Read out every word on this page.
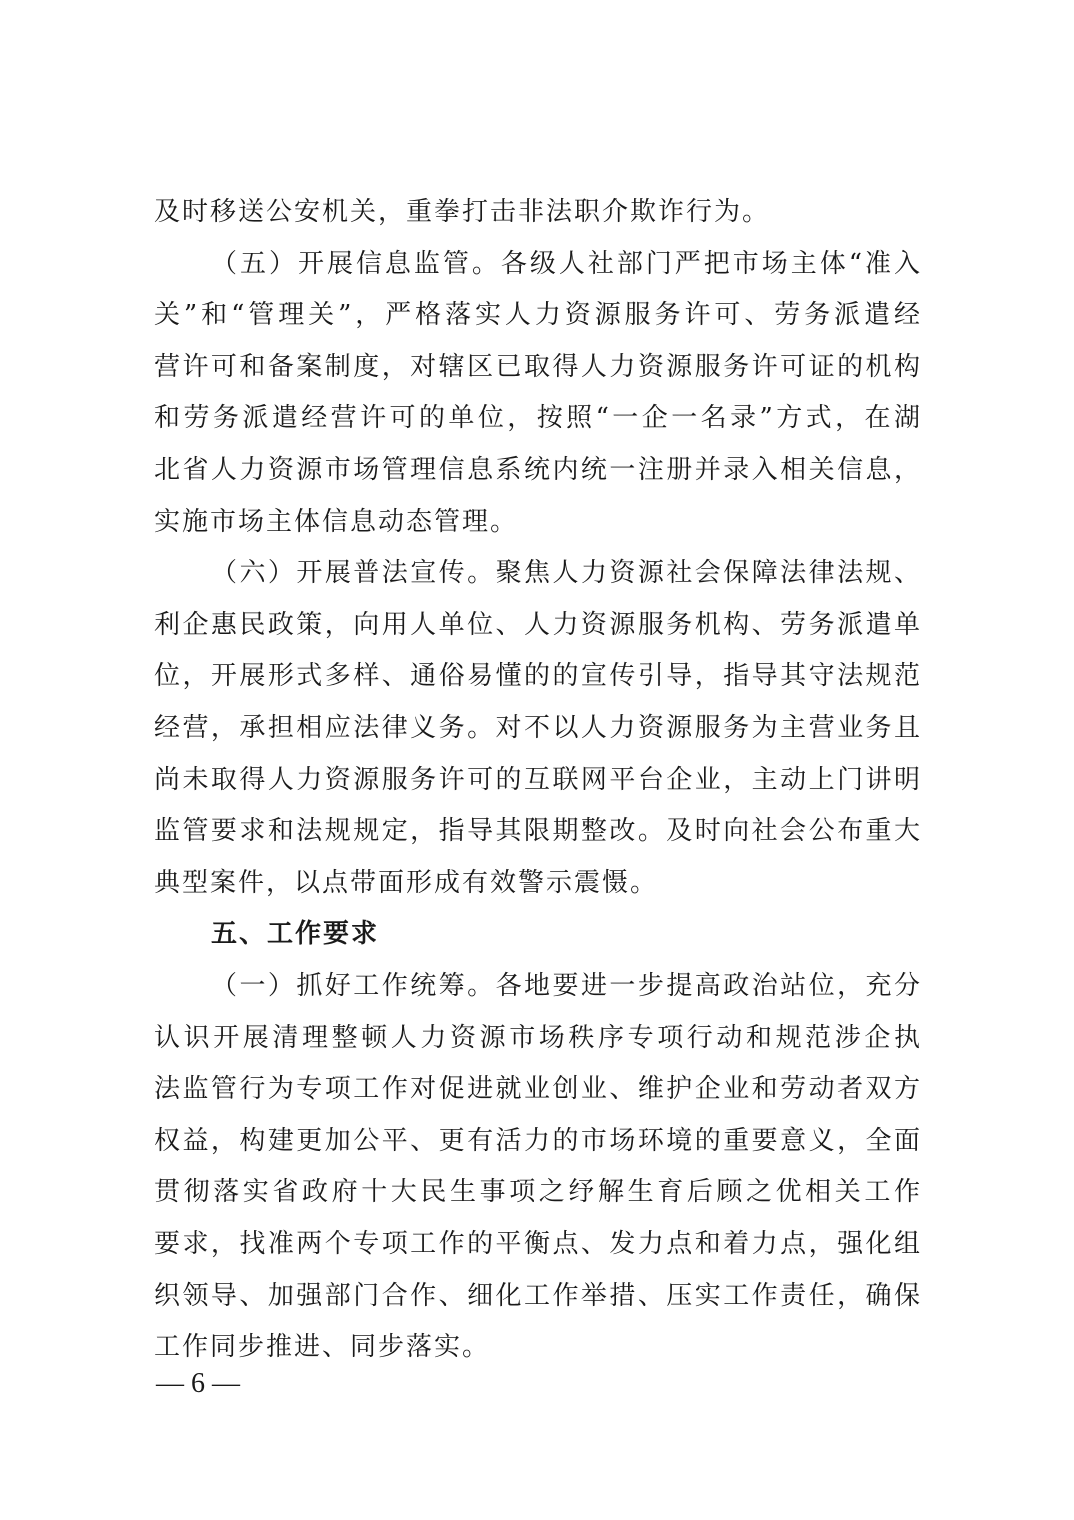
及时移送公安机关，重拳打击非法职介欺诈行为。
（五）开展信息监管。各级人社部门严把市场主体“准入
关”和“管理关”，严格落实人力资源服务许可、劳务派遣经
营许可和备案制度，对辖区已取得人力资源服务许可证的机构
和劳务派遣经营许可的单位，按照“一企一名录”方式，在湖
北省人力资源市场管理信息系统内统一注册并录入相关信息，
实施市场主体信息动态管理。
（六）开展普法宣传。聚焦人力资源社会保障法律法规、
利企惠民政策，向用人单位、人力资源服务机构、劳务派遣单
位，开展形式多样、通俗易懂的的宣传引导，指导其守法规范
经营，承担相应法律义务。对不以人力资源服务为主营业务且
尚未取得人力资源服务许可的互联网平台企业，主动上门讲明
监管要求和法规规定，指导其限期整改。及时向社会公布重大
典型案件，以点带面形成有效警示震慑。
五、工作要求
（一）抓好工作统筹。各地要进一步提高政治站位，充分
认识开展清理整顿人力资源市场秩序专项行动和规范涉企执
法监管行为专项工作对促进就业创业、维护企业和劳动者双方
权益，构建更加公平、更有活力的市场环境的重要意义，全面
贯彻落实省政府十大民生事项之纾解生育后顾之优相关工作
要求，找准两个专项工作的平衡点、发力点和着力点，强化组
织领导、加强部门合作、细化工作举措、压实工作责任，确保
工作同步推进、同步落实。
— 6 —
